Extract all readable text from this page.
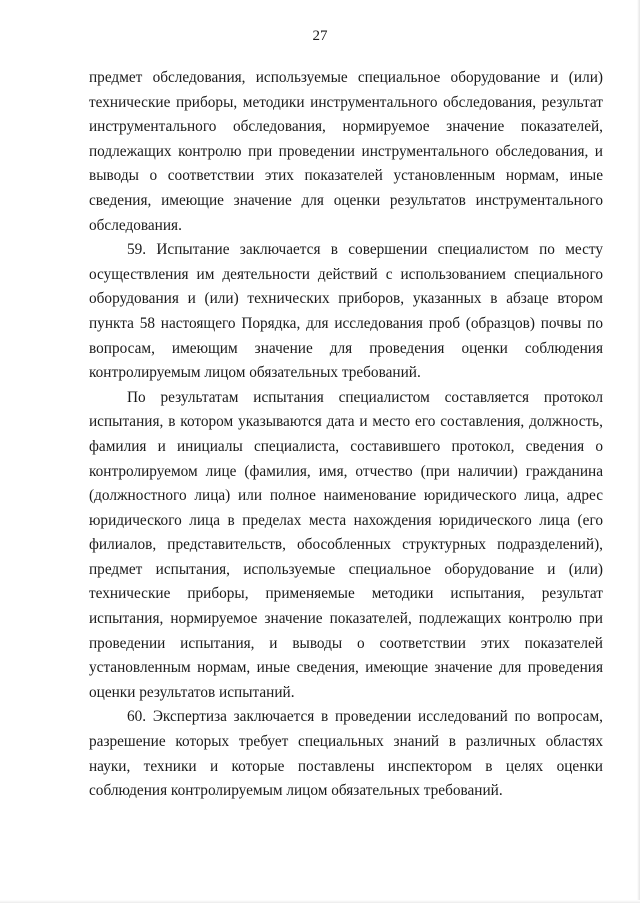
27

предмет обследования, используемые специальное оборудование и (или) технические приборы, методики инструментального обследования, результат инструментального обследования, нормируемое значение показателей, подлежащих контролю при проведении инструментального обследования, и выводы о соответствии этих показателей установленным нормам, иные сведения, имеющие значение для оценки результатов инструментального обследования.

59. Испытание заключается в совершении специалистом по месту осуществления им деятельности действий с использованием специального оборудования и (или) технических приборов, указанных в абзаце втором пункта 58 настоящего Порядка, для исследования проб (образцов) почвы по вопросам, имеющим значение для проведения оценки соблюдения контролируемым лицом обязательных требований.

По результатам испытания специалистом составляется протокол испытания, в котором указываются дата и место его составления, должность, фамилия и инициалы специалиста, составившего протокол, сведения о контролируемом лице (фамилия, имя, отчество (при наличии) гражданина (должностного лица) или полное наименование юридического лица, адрес юридического лица в пределах места нахождения юридического лица (его филиалов, представительств, обособленных структурных подразделений), предмет испытания, используемые специальное оборудование и (или) технические приборы, применяемые методики испытания, результат испытания, нормируемое значение показателей, подлежащих контролю при проведении испытания, и выводы о соответствии этих показателей установленным нормам, иные сведения, имеющие значение для проведения оценки результатов испытаний.

60. Экспертиза заключается в проведении исследований по вопросам, разрешение которых требует специальных знаний в различных областях науки, техники и которые поставлены инспектором в целях оценки соблюдения контролируемым лицом обязательных требований.
